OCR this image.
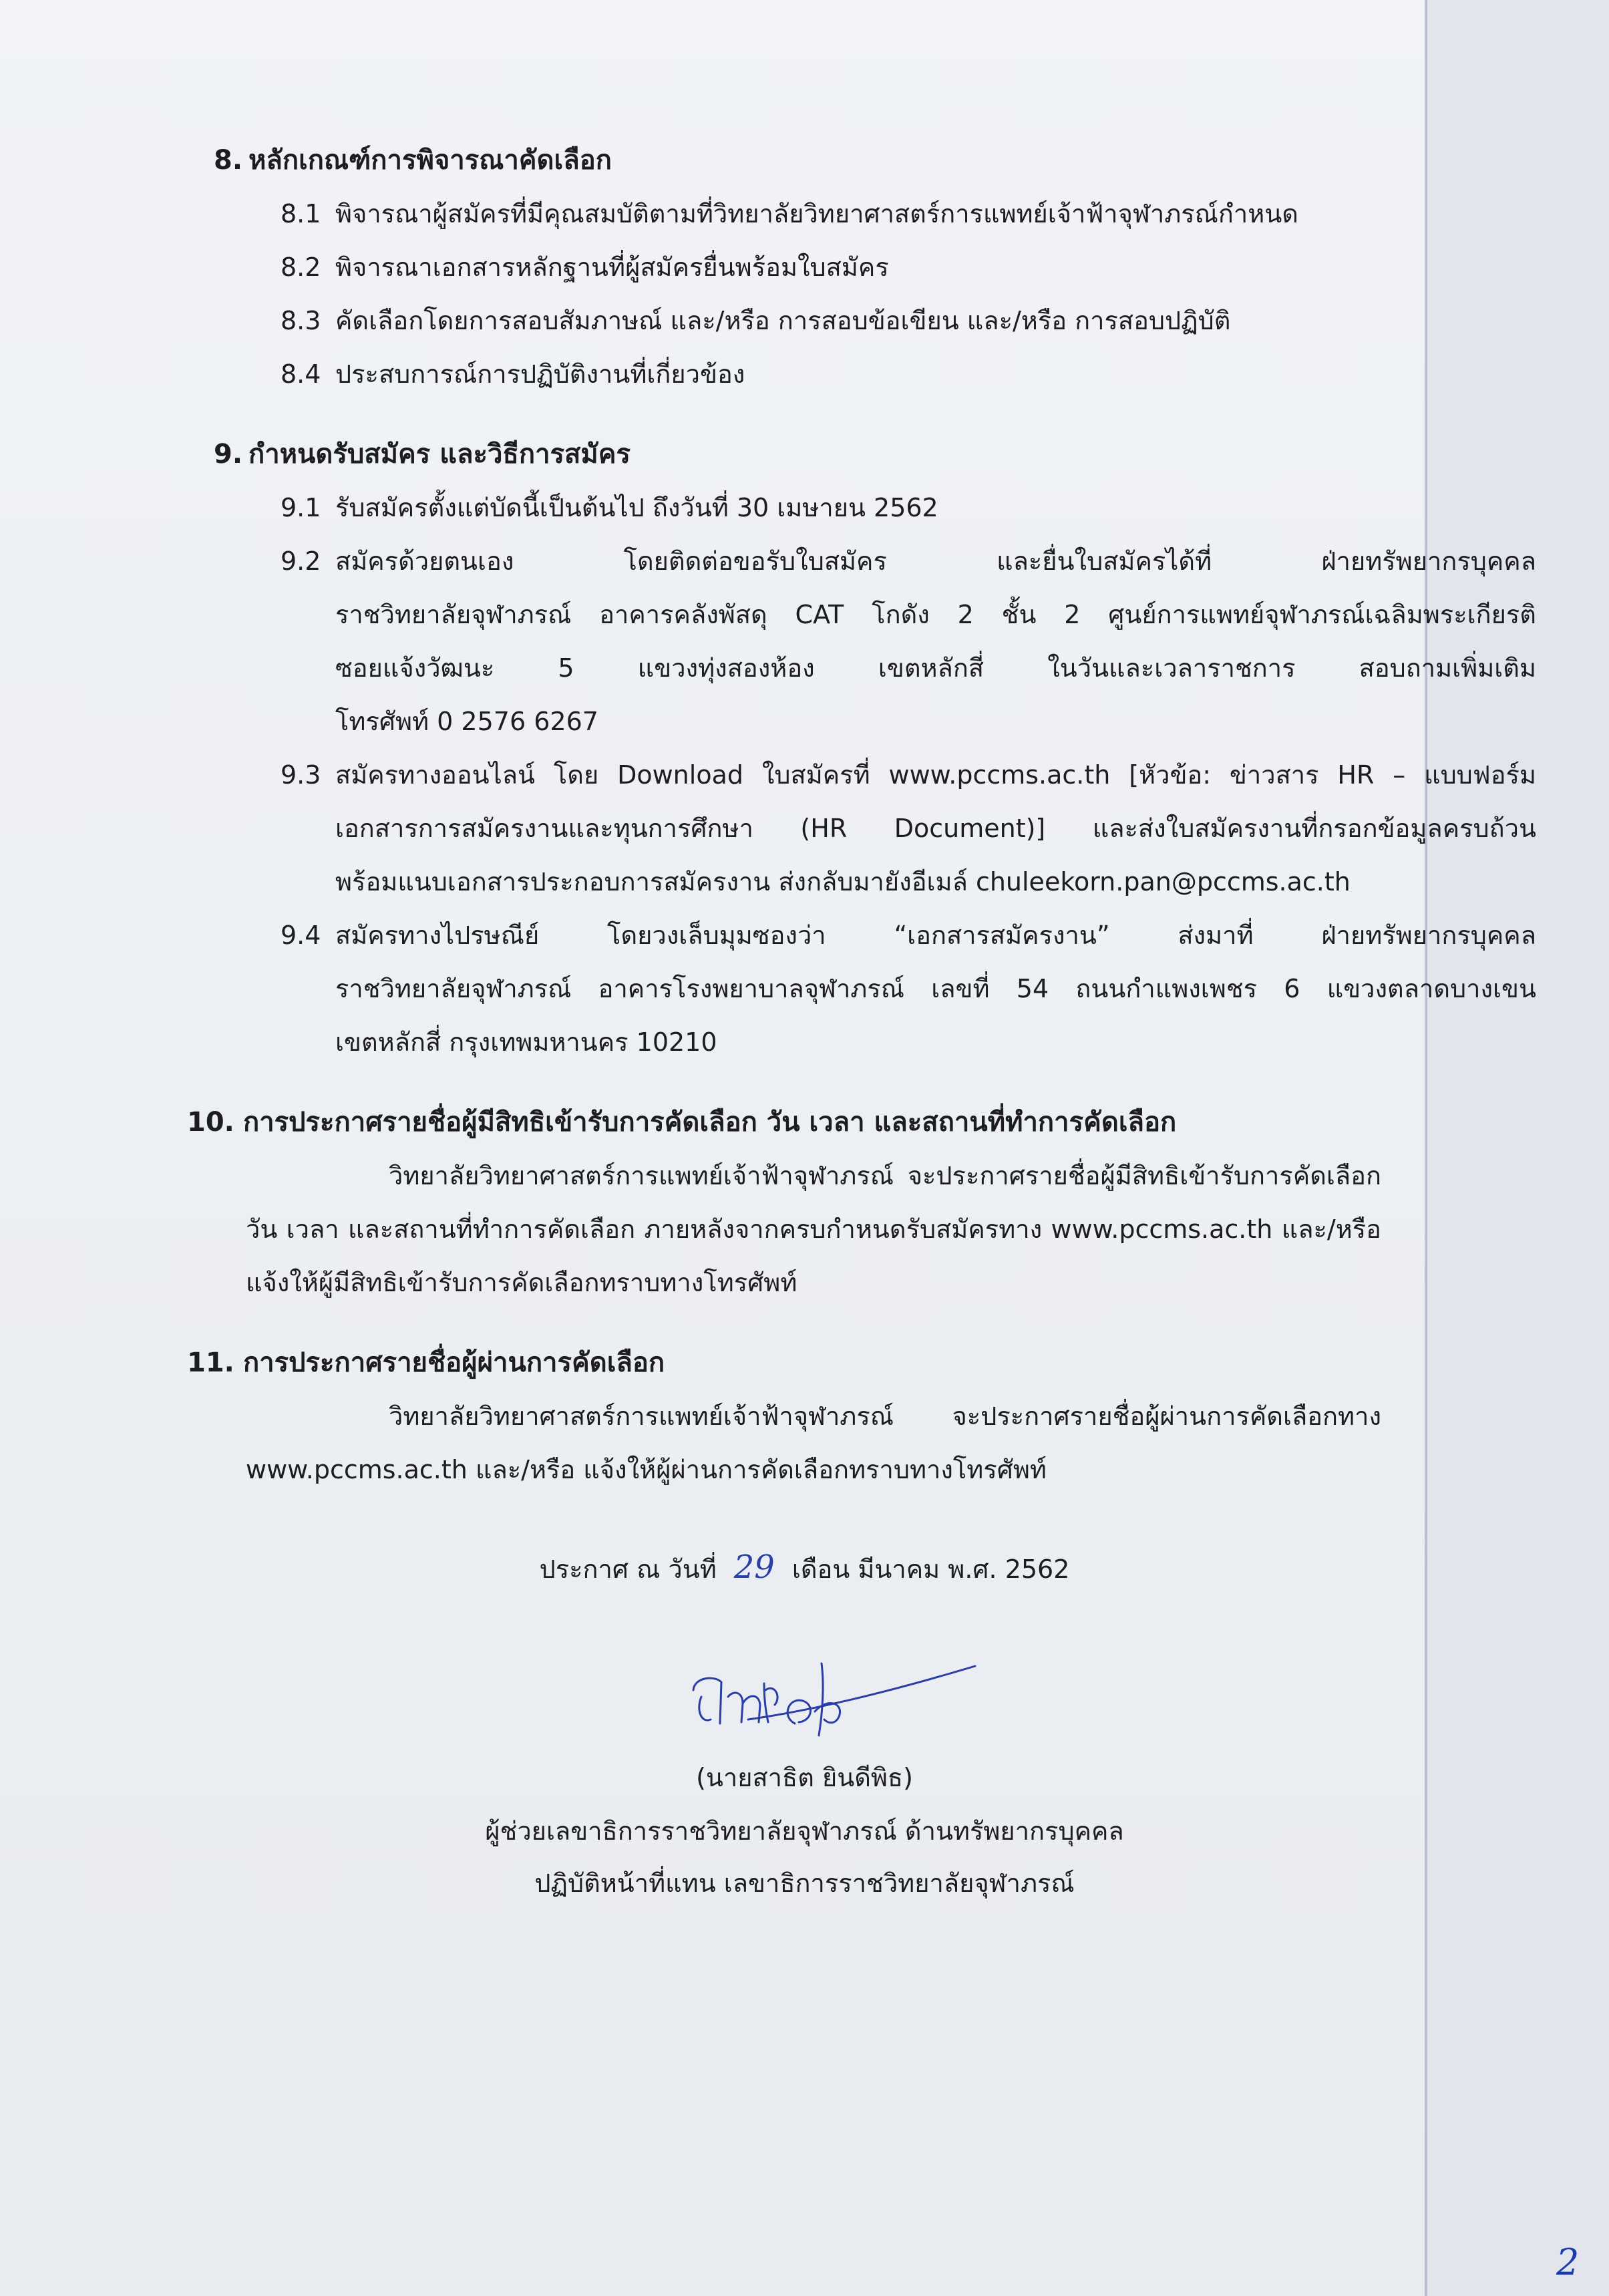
8. หลักเกณฑ์การพิจารณาคัดเลือก
8.1 พิจารณาผู้สมัครที่มีคุณสมบัติตามที่วิทยาลัยวิทยาศาสตร์การแพทย์เจ้าฟ้าจุฬาภรณ์กำหนด
8.2 พิจารณาเอกสารหลักฐานที่ผู้สมัครยื่นพร้อมใบสมัคร
8.3 คัดเลือกโดยการสอบสัมภาษณ์ และ/หรือ การสอบข้อเขียน และ/หรือ การสอบปฏิบัติ
8.4 ประสบการณ์การปฏิบัติงานที่เกี่ยวข้อง
9. กำหนดรับสมัคร และวิธีการสมัคร
9.1 รับสมัครตั้งแต่บัดนี้เป็นต้นไป ถึงวันที่ 30 เมษายน 2562
9.2 สมัครด้วยตนเอง โดยติดต่อขอรับใบสมัคร และยื่นใบสมัครได้ที่ ฝ่ายทรัพยากรบุคคล
ราชวิทยาลัยจุฬาภรณ์ อาคารคลังพัสดุ CAT โกดัง 2 ชั้น 2 ศูนย์การแพทย์จุฬาภรณ์เฉลิมพระเกียรติ
ซอยแจ้งวัฒนะ 5 แขวงทุ่งสองห้อง เขตหลักสี่ ในวันและเวลาราชการ สอบถามเพิ่มเติม
โทรศัพท์ 0 2576 6267
9.3 สมัครทางออนไลน์ โดย Download ใบสมัครที่ www.pccms.ac.th [หัวข้อ: ข่าวสาร HR – แบบฟอร์ม
เอกสารการสมัครงานและทุนการศึกษา (HR Document)] และส่งใบสมัครงานที่กรอกข้อมูลครบถ้วน
พร้อมแนบเอกสารประกอบการสมัครงาน ส่งกลับมายังอีเมล์ chuleekorn.pan@pccms.ac.th
9.4 สมัครทางไปรษณีย์ โดยวงเล็บมุมซองว่า “เอกสารสมัครงาน” ส่งมาที่ ฝ่ายทรัพยากรบุคคล
ราชวิทยาลัยจุฬาภรณ์ อาคารโรงพยาบาลจุฬาภรณ์ เลขที่ 54 ถนนกำแพงเพชร 6 แขวงตลาดบางเขน
เขตหลักสี่ กรุงเทพมหานคร 10210
10. การประกาศรายชื่อผู้มีสิทธิเข้ารับการคัดเลือก วัน เวลา และสถานที่ทำการคัดเลือก
วิทยาลัยวิทยาศาสตร์การแพทย์เจ้าฟ้าจุฬาภรณ์ จะประกาศรายชื่อผู้มีสิทธิเข้ารับการคัดเลือก
วัน เวลา และสถานที่ทำการคัดเลือก ภายหลังจากครบกำหนดรับสมัครทาง www.pccms.ac.th และ/หรือ
แจ้งให้ผู้มีสิทธิเข้ารับการคัดเลือกทราบทางโทรศัพท์
11. การประกาศรายชื่อผู้ผ่านการคัดเลือก
วิทยาลัยวิทยาศาสตร์การแพทย์เจ้าฟ้าจุฬาภรณ์ จะประกาศรายชื่อผู้ผ่านการคัดเลือกทาง
www.pccms.ac.th และ/หรือ แจ้งให้ผู้ผ่านการคัดเลือกทราบทางโทรศัพท์
ประกาศ ณ วันที่ 29 เดือน มีนาคม พ.ศ. 2562
(นายสาธิต ยินดีพิธ)
ผู้ช่วยเลขาธิการราชวิทยาลัยจุฬาภรณ์ ด้านทรัพยากรบุคคล
ปฏิบัติหน้าที่แทน เลขาธิการราชวิทยาลัยจุฬาภรณ์
2
